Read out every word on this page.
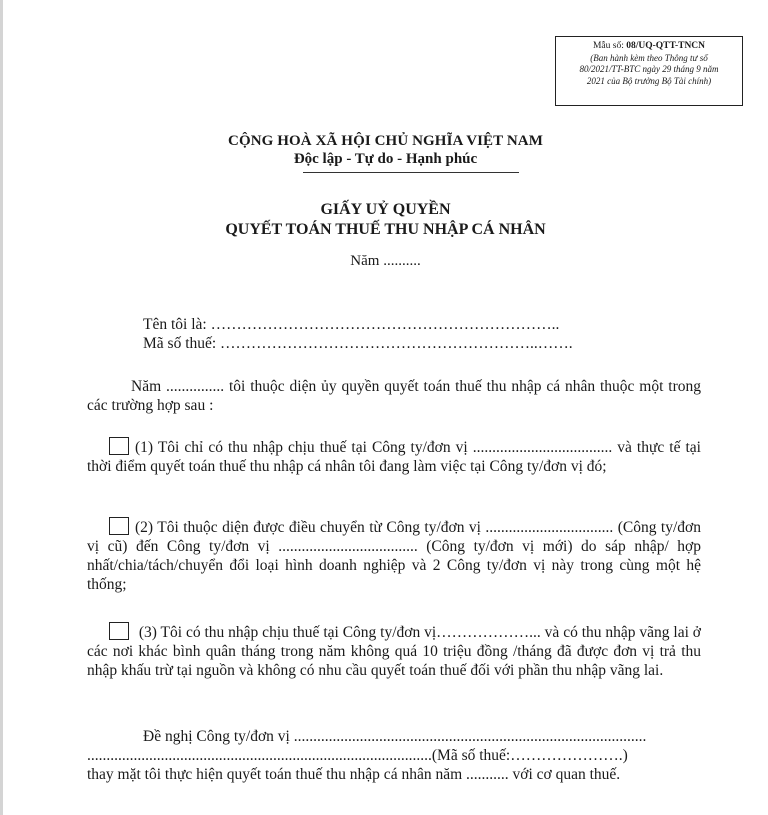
Mẫu số: 08/UQ-QTT-TNCN
(Ban hành kèm theo Thông tư số
80/2021/TT-BTC ngày 29 tháng 9 năm
2021 của Bộ trưởng Bộ Tài chính)
CỘNG HOÀ XÃ HỘI CHỦ NGHĨA VIỆT NAM
Độc lập - Tự do - Hạnh phúc
GIẤY UỶ QUYỀN
QUYẾT TOÁN THUẾ THU NHẬP CÁ NHÂN
Năm ..........
Tên tôi là: …………………………………………………………..
Mã số thuế: ……………………………………………………..…….
Năm ............... tôi thuộc diện ủy quyền quyết toán thuế thu nhập cá nhân thuộc một trong các trường hợp sau :
(1) Tôi chỉ có thu nhập chịu thuế tại Công ty/đơn vị .................................... và thực tế tại thời điểm quyết toán thuế thu nhập cá nhân tôi đang làm việc tại Công ty/đơn vị đó;
(2) Tôi thuộc diện được điều chuyển từ Công ty/đơn vị ................................. (Công ty/đơn vị cũ) đến Công ty/đơn vị .................................... (Công ty/đơn vị mới) do sáp nhập/ hợp nhất/chia/tách/chuyển đổi loại hình doanh nghiệp và 2 Công ty/đơn vị này trong cùng một hệ thống;
(3) Tôi có thu nhập chịu thuế tại Công ty/đơn vị………………... và có thu nhập vãng lai ở các nơi khác bình quân tháng trong năm không quá 10 triệu đồng /tháng đã được đơn vị trả thu nhập khấu trừ tại nguồn và không có nhu cầu quyết toán thuế đối với phần thu nhập vãng lai.
Đề nghị Công ty/đơn vị ...........................................................................................
.........................................................................................(Mã số thuế:………………….)
thay mặt tôi thực hiện quyết toán thuế thu nhập cá nhân năm ........... với cơ quan thuế.
